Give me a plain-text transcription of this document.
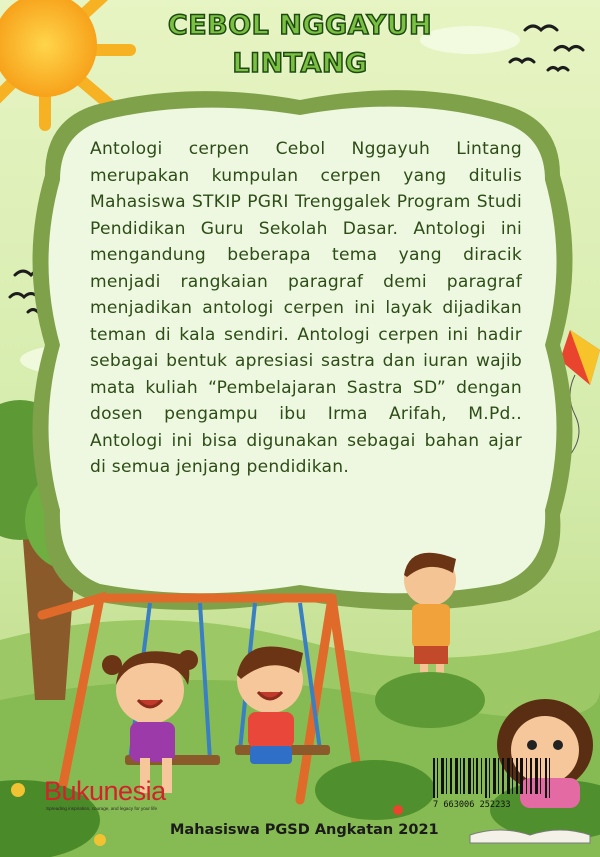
CEBOL NGGAYUH
LINTANG
Antologi cerpen Cebol Nggayuh Lintang merupakan kumpulan cerpen yang ditulis Mahasiswa STKIP PGRI Trenggalek Program Studi Pendidikan Guru Sekolah Dasar. Antologi ini mengandung beberapa tema yang diracik menjadi rangkaian paragraf demi paragraf menjadikan antologi cerpen ini layak dijadikan teman di kala sendiri. Antologi cerpen ini hadir sebagai bentuk apresiasi sastra dan iuran wajib mata kuliah “Pembelajaran Sastra SD” dengan dosen pengampu ibu Irma Arifah, M.Pd.. Antologi ini bisa digunakan sebagai bahan ajar di semua jenjang pendidikan.
7 663006 252233
Bukunesia
Spreading inspiration, courage, and legacy for your life
Mahasiswa PGSD Angkatan 2021
